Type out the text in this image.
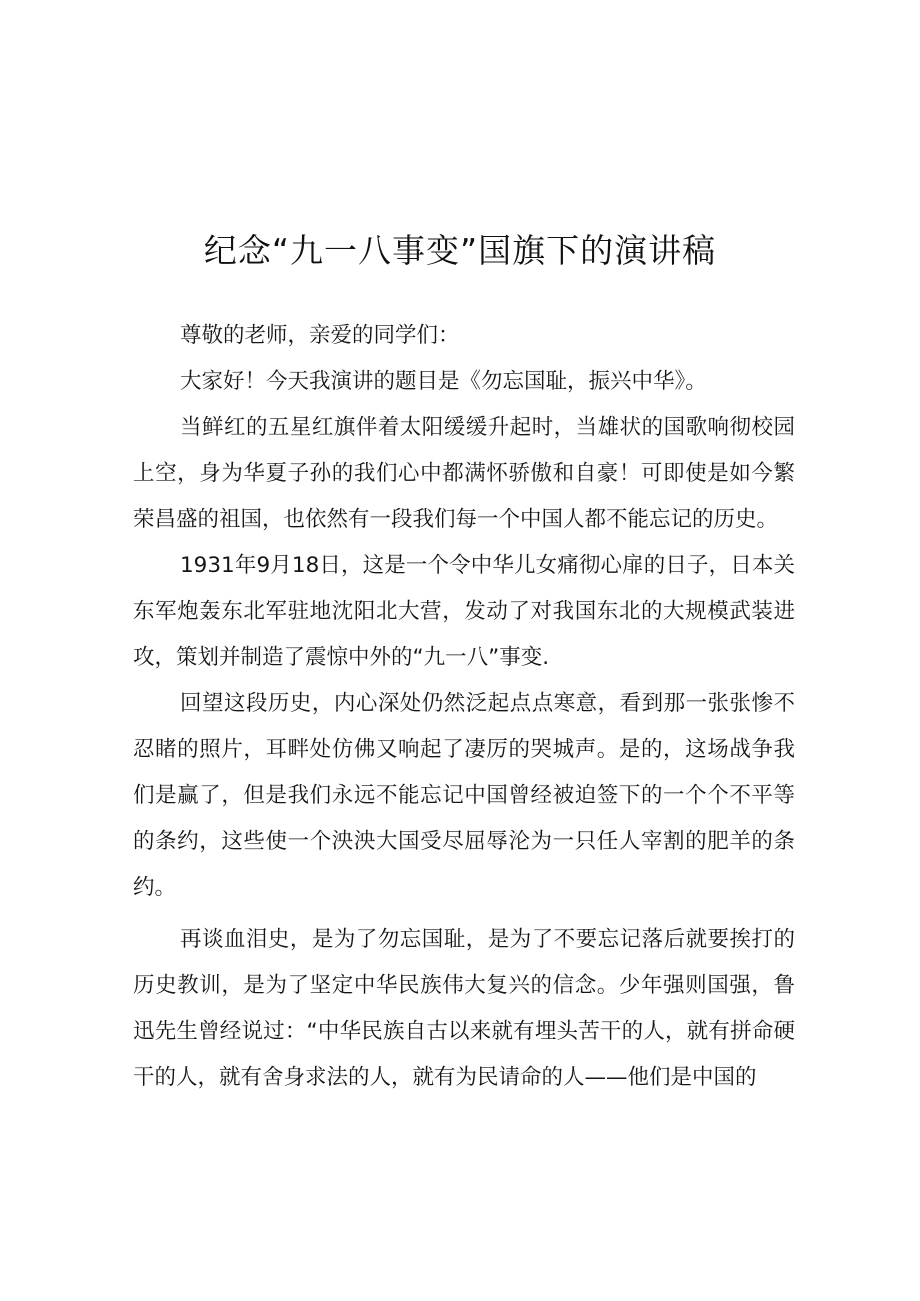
纪念“九一八事变”国旗下的演讲稿

尊敬的老师，亲爱的同学们：

大家好！今天我演讲的题目是《勿忘国耻，振兴中华》。

当鲜红的五星红旗伴着太阳缓缓升起时，当雄状的国歌响彻校园上空，身为华夏子孙的我们心中都满怀骄傲和自豪！可即使是如今繁荣昌盛的祖国，也依然有一段我们每一个中国人都不能忘记的历史。

1931年9月18日，这是一个令中华儿女痛彻心扉的日子，日本关东军炮轰东北军驻地沈阳北大营，发动了对我国东北的大规模武装进攻，策划并制造了震惊中外的“九一八”事变.

回望这段历史，内心深处仍然泛起点点寒意，看到那一张张惨不忍睹的照片，耳畔处仿佛又响起了凄厉的哭城声。是的，这场战争我们是赢了，但是我们永远不能忘记中国曾经被迫签下的一个个不平等的条约，这些使一个泱泱大国受尽屈辱沦为一只任人宰割的肥羊的条约。

再谈血泪史，是为了勿忘国耻，是为了不要忘记落后就要挨打的历史教训，是为了坚定中华民族伟大复兴的信念。少年强则国强，鲁迅先生曾经说过：“中华民族自古以来就有埋头苦干的人，就有拼命硬干的人，就有舍身求法的人，就有为民请命的人——他们是中国的
